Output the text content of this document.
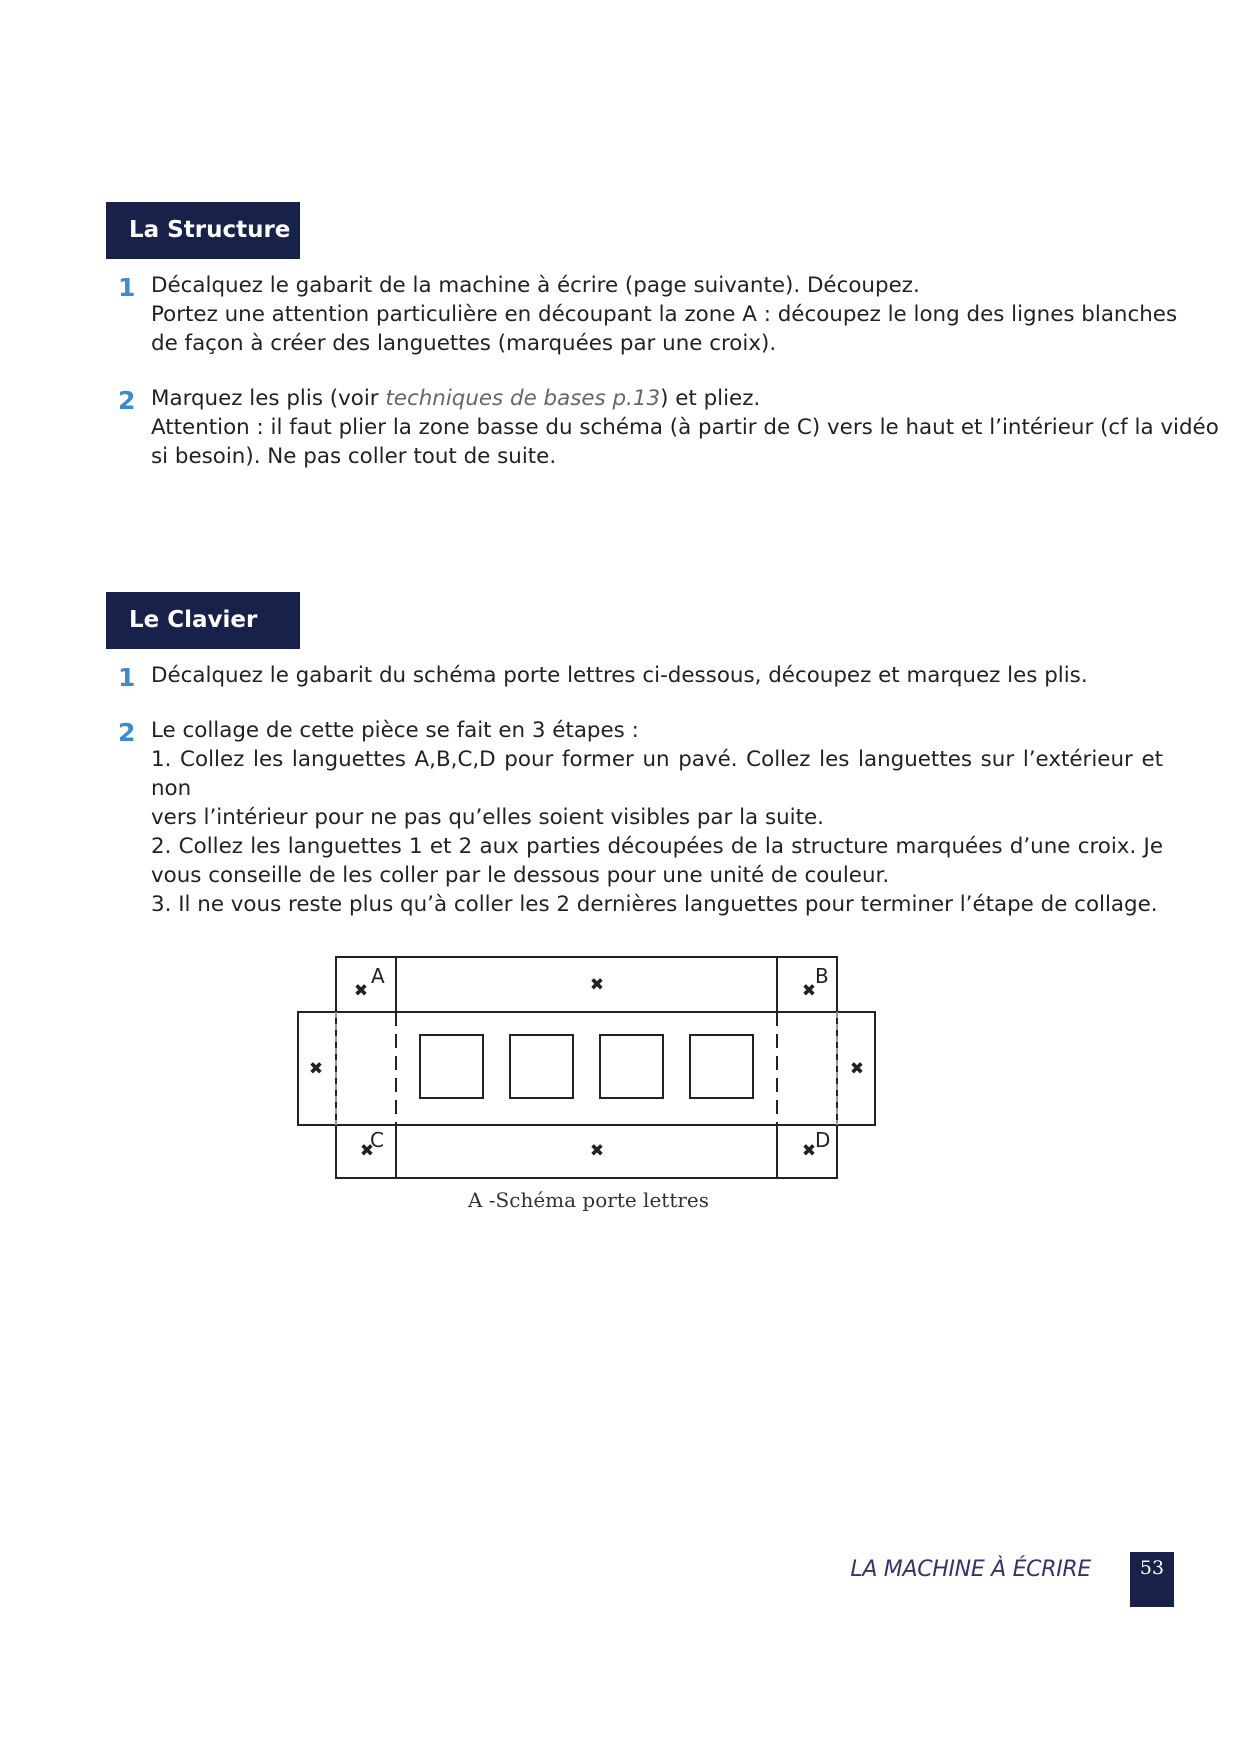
La Structure
1 Décalquez le gabarit de la machine à écrire (page suivante). Découpez.
Portez une attention particulière en découpant la zone A : découpez le long des lignes blanches
de façon à créer des languettes (marquées par une croix).
2 Marquez les plis (voir techniques de bases p.13) et pliez.
Attention : il faut plier la zone basse du schéma (à partir de C) vers le haut et l’intérieur (cf la vidéo
si besoin). Ne pas coller tout de suite.
Le Clavier
1 Décalquez le gabarit du schéma porte lettres ci-dessous, découpez et marquez les plis.
2 Le collage de cette pièce se fait en 3 étapes :
1. Collez les languettes A,B,C,D pour former un pavé. Collez les languettes sur l’extérieur et non
vers l’intérieur pour ne pas qu’elles soient visibles par la suite.
2. Collez les languettes 1 et 2 aux parties découpées de la structure marquées d’une croix. Je
vous conseille de les coller par le dessous pour une unité de couleur.
3. Il ne vous reste plus qu’à coller les 2 dernières languettes pour terminer l’étape de collage.
A	B
C	D
✖	✖	✖
✖	✖
✖	✖	✖
A -Schéma porte lettres
LA MACHINE À ÉCRIRE	53
